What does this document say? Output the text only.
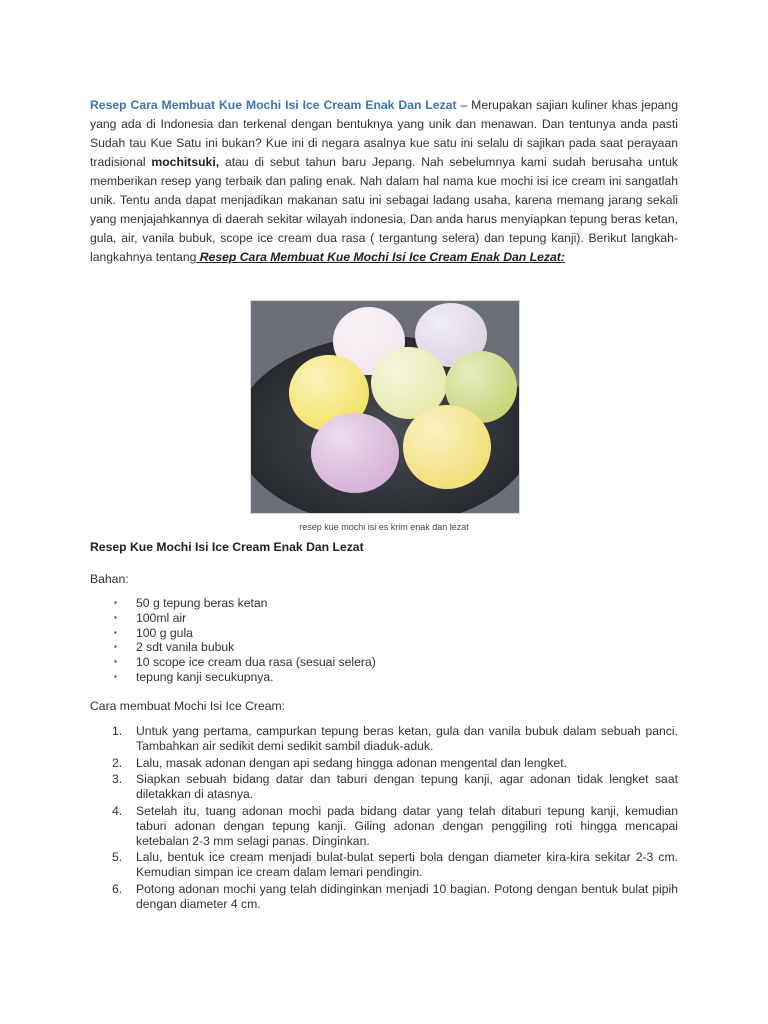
Resep Cara Membuat Kue Mochi Isi Ice Cream Enak Dan Lezat – Merupakan sajian kuliner khas jepang yang ada di Indonesia dan terkenal dengan bentuknya yang unik dan menawan. Dan tentunya anda pasti Sudah tau Kue Satu ini bukan? Kue ini di negara asalnya kue satu ini selalu di sajikan pada saat perayaan tradisional mochitsuki, atau di sebut tahun baru Jepang. Nah sebelumnya kami sudah berusaha untuk memberikan resep yang terbaik dan paling enak. Nah dalam hal nama kue mochi isi ice cream ini sangatlah unik. Tentu anda dapat menjadikan makanan satu ini sebagai ladang usaha, karena memang jarang sekali yang menjajahkannya di daerah sekitar wilayah indonesia, Dan anda harus menyiapkan tepung beras ketan, gula, air, vanila bubuk, scope ice cream dua rasa ( tergantung selera) dan tepung kanji). Berikut langkah-langkahnya tentang Resep Cara Membuat Kue Mochi Isi Ice Cream Enak Dan Lezat:

resep kue mochi isi es krim enak dan lezat
Resep Kue Mochi Isi Ice Cream Enak Dan Lezat
Bahan:
▪ 50 g tepung beras ketan
▪ 100ml air
▪ 100 g gula
▪ 2 sdt vanila bubuk
▪ 10 scope ice cream dua rasa (sesuai selera)
▪ tepung kanji secukupnya.
Cara membuat Mochi Isi Ice Cream:
1. Untuk yang pertama, campurkan tepung beras ketan, gula dan vanila bubuk dalam sebuah panci. Tambahkan air sedikit demi sedikit sambil diaduk-aduk.
2. Lalu, masak adonan dengan api sedang hingga adonan mengental dan lengket.
3. Siapkan sebuah bidang datar dan taburi dengan tepung kanji, agar adonan tidak lengket saat diletakkan di atasnya.
4. Setelah itu, tuang adonan mochi pada bidang datar yang telah ditaburi tepung kanji, kemudian taburi adonan dengan tepung kanji. Giling adonan dengan penggiling roti hingga mencapai ketebalan 2-3 mm selagi panas. Dinginkan.
5. Lalu, bentuk ice cream menjadi bulat-bulat seperti bola dengan diameter kira-kira sekitar 2-3 cm. Kemudian simpan ice cream dalam lemari pendingin.
6. Potong adonan mochi yang telah didinginkan menjadi 10 bagian. Potong dengan bentuk bulat pipih dengan diameter 4 cm.
